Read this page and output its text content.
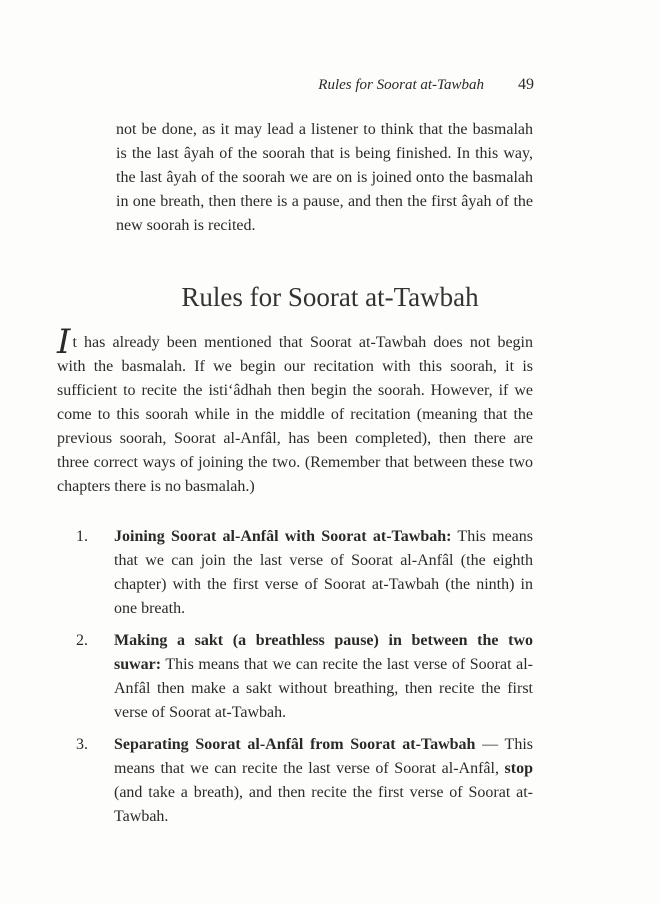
Rules for Soorat at-Tawbah 49

not be done, as it may lead a listener to think that the basmalah is the last âyah of the soorah that is being finished. In this way, the last âyah of the soorah we are on is joined onto the basmalah in one breath, then there is a pause, and then the first âyah of the new soorah is recited.

Rules for Soorat at-Tawbah

It has already been mentioned that Soorat at-Tawbah does not begin with the basmalah. If we begin our recitation with this soorah, it is sufficient to recite the isti‘âdhah then begin the soorah. However, if we come to this soorah while in the middle of recitation (meaning that the previous soorah, Soorat al-Anfâl, has been completed), then there are three correct ways of joining the two. (Remember that between these two chapters there is no basmalah.)

1.	Joining Soorat al-Anfâl with Soorat at-Tawbah: This means that we can join the last verse of Soorat al-Anfâl (the eighth chapter) with the first verse of Soorat at-Tawbah (the ninth) in one breath.
2.	Making a sakt (a breathless pause) in between the two suwar: This means that we can recite the last verse of Soorat al-Anfâl then make a sakt without breathing, then recite the first verse of Soorat at-Tawbah.
3.	Separating Soorat al-Anfâl from Soorat at-Tawbah — This means that we can recite the last verse of Soorat al-Anfâl, stop (and take a breath), and then recite the first verse of Soorat at-Tawbah.
